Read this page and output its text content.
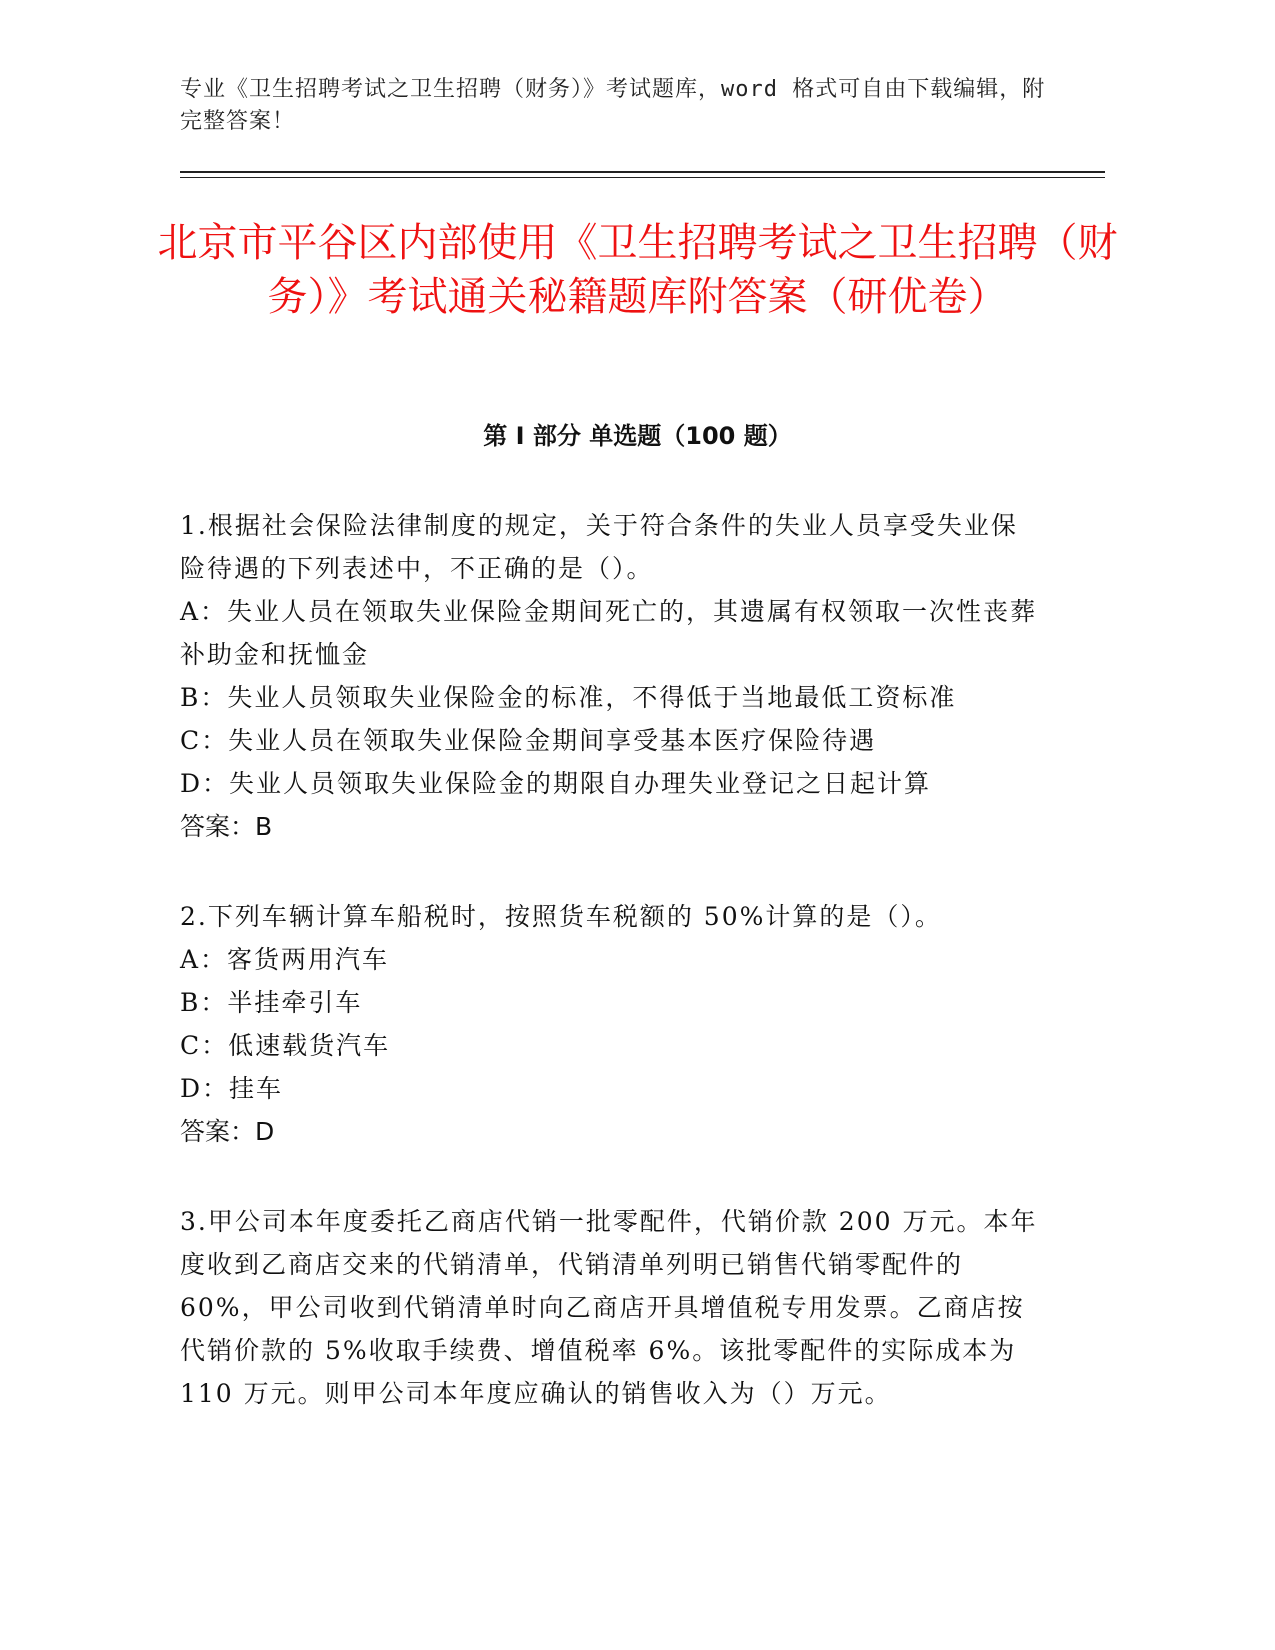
专业《卫生招聘考试之卫生招聘（财务）》考试题库，word 格式可自由下载编辑，附完整答案！
北京市平谷区内部使用《卫生招聘考试之卫生招聘（财务）》考试通关秘籍题库附答案（研优卷）
第 I 部分 单选题（100 题）
1.根据社会保险法律制度的规定，关于符合条件的失业人员享受失业保险待遇的下列表述中，不正确的是（）。
A：失业人员在领取失业保险金期间死亡的，其遗属有权领取一次性丧葬补助金和抚恤金
B：失业人员领取失业保险金的标准，不得低于当地最低工资标准
C：失业人员在领取失业保险金期间享受基本医疗保险待遇
D：失业人员领取失业保险金的期限自办理失业登记之日起计算
答案：B
2.下列车辆计算车船税时，按照货车税额的 50%计算的是（）。
A：客货两用汽车
B：半挂牵引车
C：低速载货汽车
D：挂车
答案：D
3.甲公司本年度委托乙商店代销一批零配件，代销价款 200 万元。本年度收到乙商店交来的代销清单，代销清单列明已销售代销零配件的 60%，甲公司收到代销清单时向乙商店开具增值税专用发票。乙商店按代销价款的 5%收取手续费、增值税率 6%。该批零配件的实际成本为 110 万元。则甲公司本年度应确认的销售收入为（）万元。
